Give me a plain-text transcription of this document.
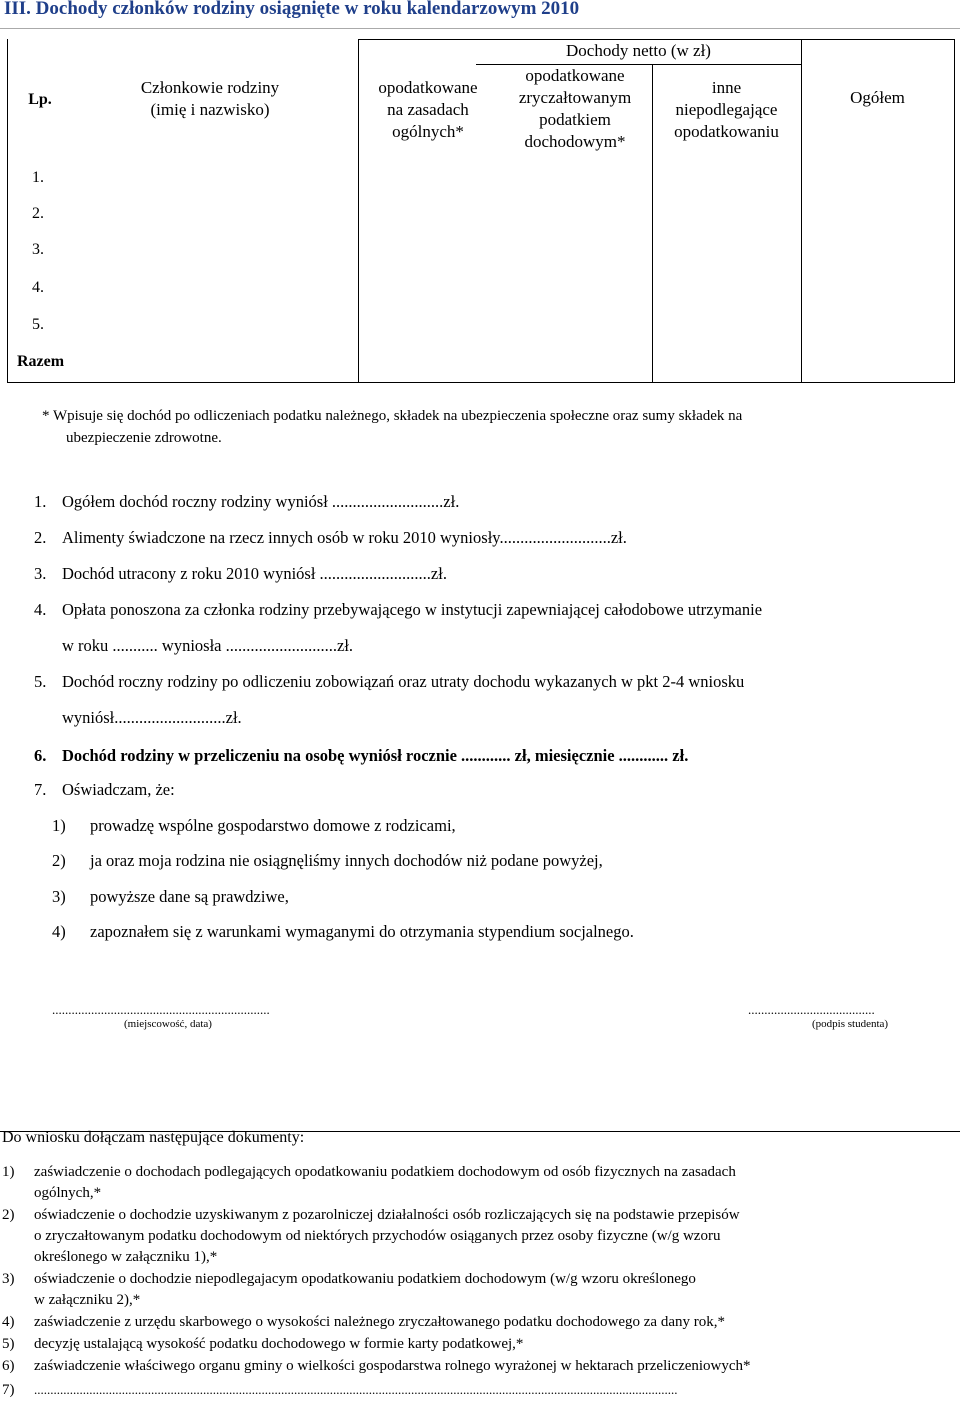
III. Dochody członków rodziny osiągnięte w roku kalendarzowym 2010
Lp.
Członkowie rodziny
(imię i nazwisko)
Dochody netto (w zł)
opodatkowane
na zasadach
ogólnych*
opodatkowane
zryczałtowanym
podatkiem
dochodowym*
inne
niepodlegające
opodatkowaniu
Ogółem
1.
2.
3.
4.
5.
Razem
* Wpisuje się dochód po odliczeniach podatku należnego, składek na ubezpieczenia społeczne oraz sumy składek na
ubezpieczenie zdrowotne.
1. Ogółem dochód roczny rodziny wyniósł ...........................zł.
2. Alimenty świadczone na rzecz innych osób w roku 2010 wyniosły...........................zł.
3. Dochód utracony z roku 2010 wyniósł ...........................zł.
4. Opłata ponoszona za członka rodziny przebywającego w instytucji zapewniającej całodobowe utrzymanie
w roku ........... wyniosła ...........................zł.
5. Dochód roczny rodziny po odliczeniu zobowiązań oraz utraty dochodu wykazanych w pkt 2-4 wniosku
wyniósł...........................zł.
6. Dochód rodziny w przeliczeniu na osobę wyniósł rocznie ............ zł, miesięcznie ............ zł.
7. Oświadczam, że:
1) prowadzę wspólne gospodarstwo domowe z rodzicami,
2) ja oraz moja rodzina nie osiągnęliśmy innych dochodów niż podane powyżej,
3) powyższe dane są prawdziwe,
4) zapoznałem się z warunkami wymaganymi do otrzymania stypendium socjalnego.
...................................................................
(miejscowość, data)
.......................................
(podpis studenta)
Do wniosku dołączam następujące dokumenty:
1) zaświadczenie o dochodach podlegających opodatkowaniu podatkiem dochodowym od osób fizycznych na zasadach
ogólnych,*
2) oświadczenie o dochodzie uzyskiwanym z pozarolniczej działalności osób rozliczających się na podstawie przepisów
o zryczałtowanym podatku dochodowym od niektórych przychodów osiąganych przez osoby fizyczne (w/g wzoru
określonego w załączniku 1),*
3) oświadczenie o dochodzie niepodlegajacym opodatkowaniu podatkiem dochodowym (w/g wzoru określonego
w załączniku 2),*
4) zaświadczenie z urzędu skarbowego o wysokości należnego zryczałtowanego podatku dochodowego za dany rok,*
5) decyzję ustalającą wysokość podatku dochodowego w formie karty podatkowej,*
6) zaświadczenie właściwego organu gminy o wielkości gospodarstwa rolnego wyrażonej w hektarach przeliczeniowych*
7) ......................................................................................................................................................................................................
